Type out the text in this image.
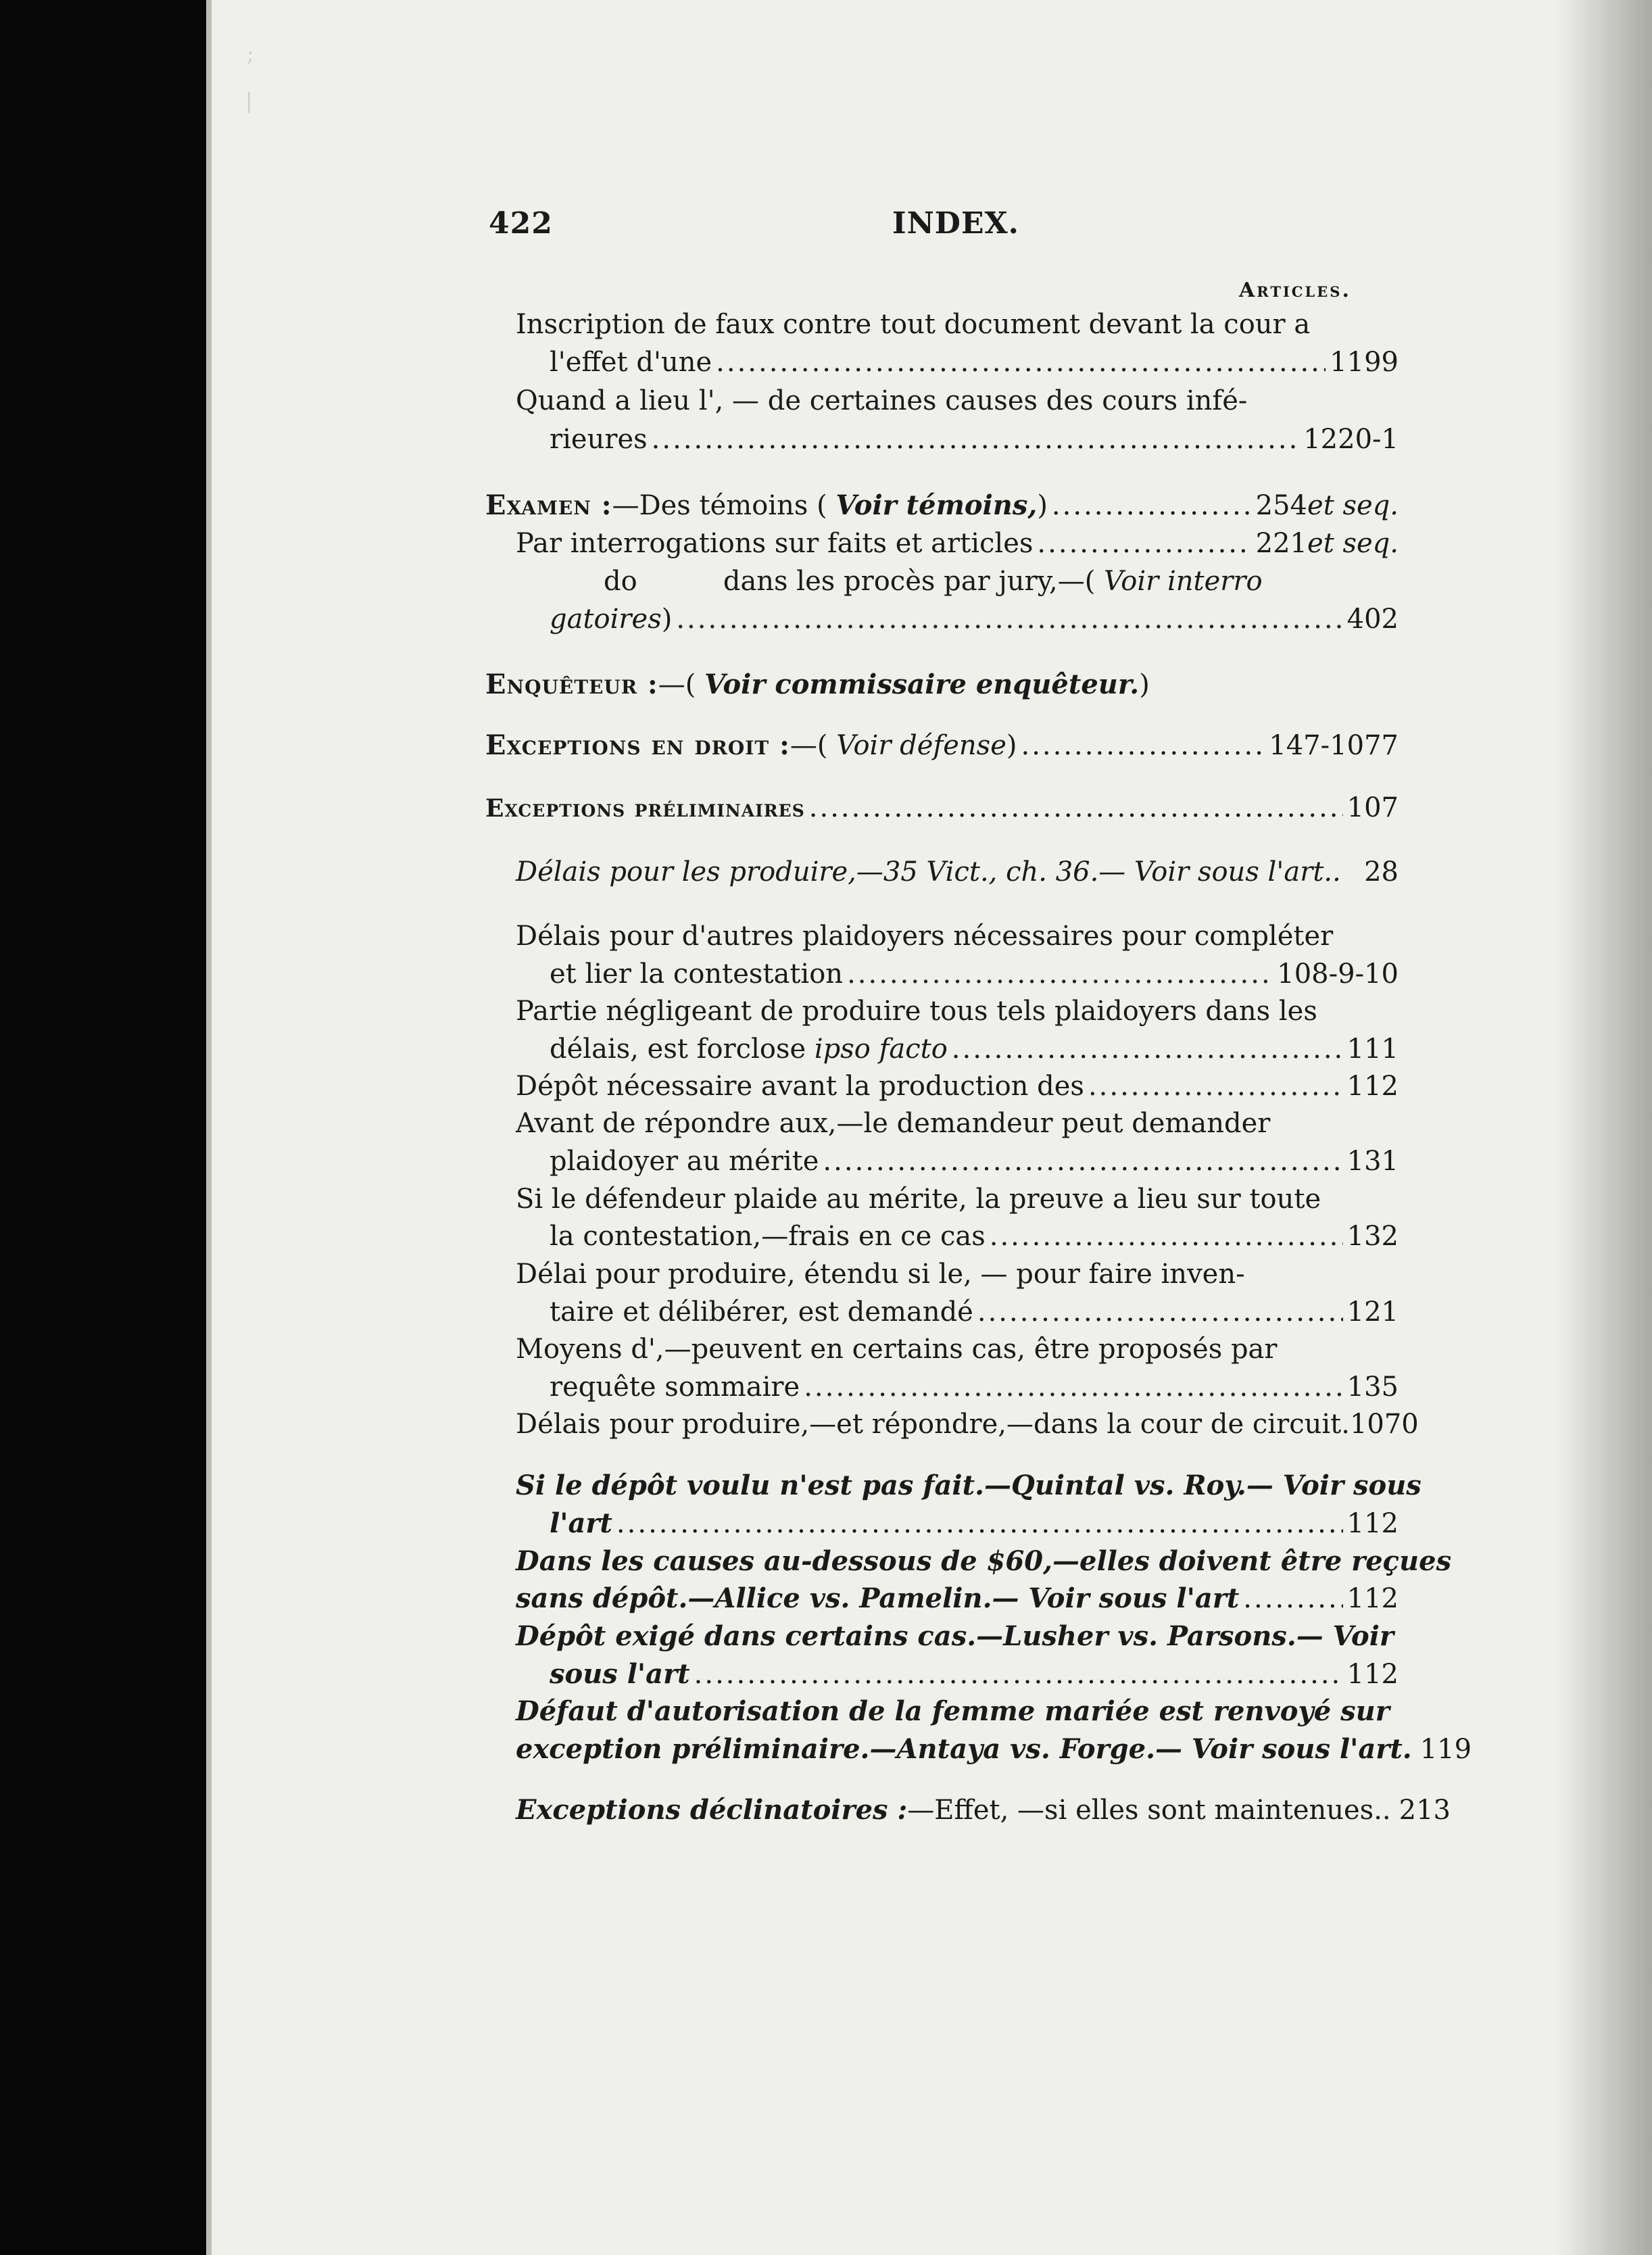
;
|
422	INDEX.
Articles.
Inscription de faux contre tout document devant la cour a
l'effet d'une .....	1199
Quand a lieu l', — de certaines causes des cours infé-
rieures .....	1220-1
Examen : —Des témoins ( Voir témoins, ) .....	254 et seq.
Par interrogations sur faits et articles .....	221 et seq.
do          dans les procès par jury,—( Voir interro
gatoires ) .....	402
Enquêteur : —( Voir commissaire enquêteur. )
Exceptions en droit : —( Voir défense ) .....	147-1077
Exceptions préliminaires .....	107
Délais pour les produire,—35 Vict., ch. 36.— Voir sous l'art.. 28
Délais pour d'autres plaidoyers nécessaires pour compléter
et lier la contestation .....	108-9-10
Partie négligeant de produire tous tels plaidoyers dans les
délais, est forclose ipso facto .....	111
Dépôt nécessaire avant la production des .....	112
Avant de répondre aux,—le demandeur peut demander
plaidoyer au mérite .....	131
Si le défendeur plaide au mérite, la preuve a lieu sur toute
la contestation,—frais en ce cas .....	132
Délai pour produire, étendu si le, — pour faire inven-
taire et délibérer, est demandé .....	121
Moyens d',—peuvent en certains cas, être proposés par
requête sommaire .....	135
Délais pour produire,—et répondre,—dans la cour de circuit.1070
Si le dépôt voulu n'est pas fait.—Quintal vs. Roy.— Voir sous
l'art .....	112
Dans les causes au-dessous de $60,—elles doivent être reçues
sans dépôt.—Allice vs. Pamelin.— Voir sous l'art .....	112
Dépôt exigé dans certains cas.—Lusher vs. Parsons.— Voir
sous l'art .....	112
Défaut d'autorisation de la femme mariée est renvoyé sur
exception préliminaire.—Antaya vs. Forge.— Voir sous l'art. 119
Exceptions déclinatoires : —Effet, —si elles sont maintenues.. 213
